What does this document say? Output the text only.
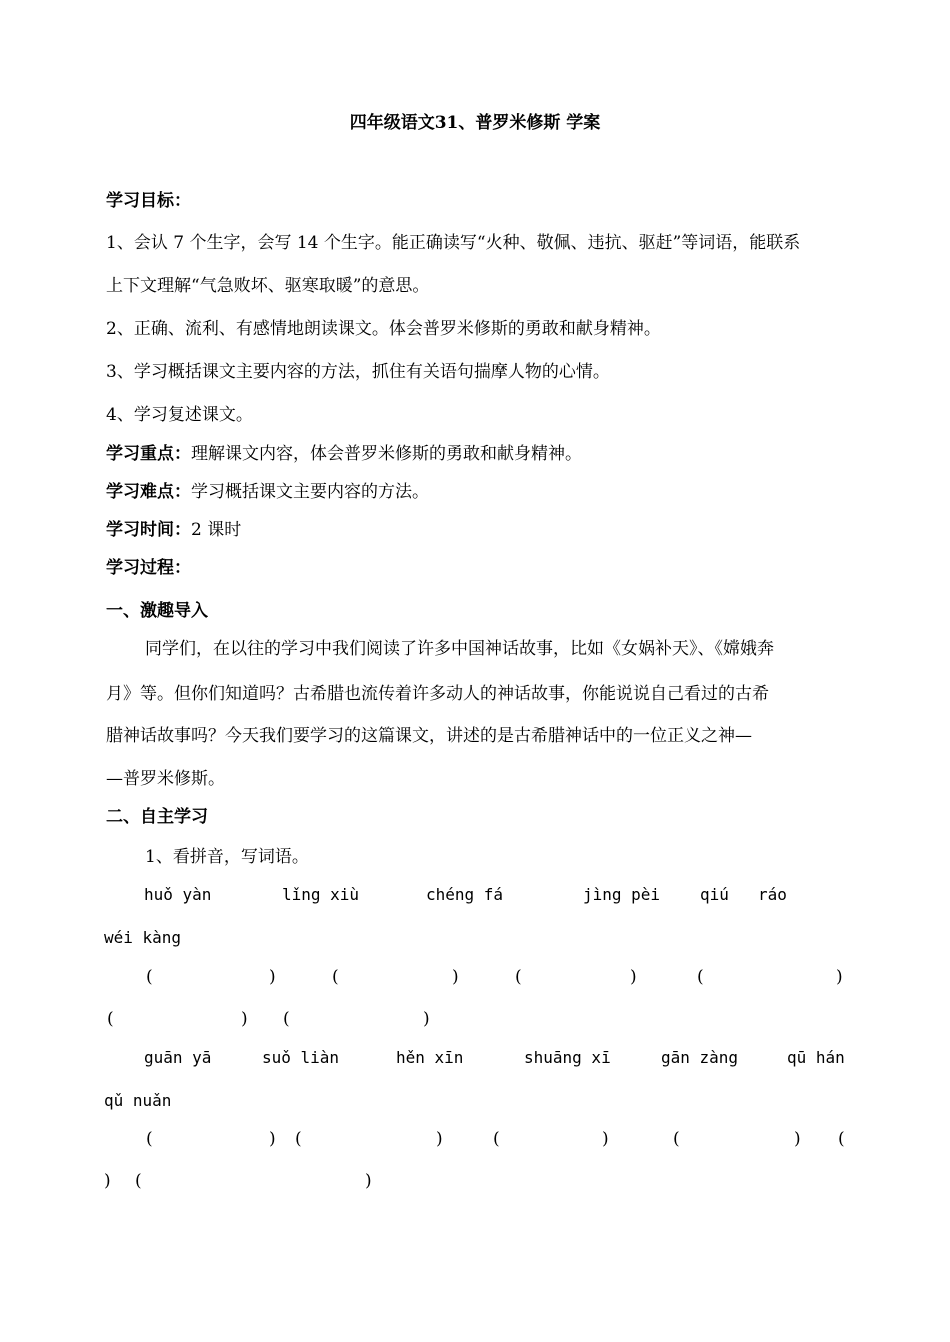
四年级语文31、普罗米修斯 学案
学习目标：
1、会认 7 个生字，会写 14 个生字。能正确读写“火种、敬佩、违抗、驱赶”等词语，能联系
上下文理解“气急败坏、驱寒取暖”的意思。
2、正确、流利、有感情地朗读课文。体会普罗米修斯的勇敢和献身精神。
3、学习概括课文主要内容的方法，抓住有关语句揣摩人物的心情。
4、学习复述课文。
学习重点：理解课文内容，体会普罗米修斯的勇敢和献身精神。
学习难点：学习概括课文主要内容的方法。
学习时间：2 课时
学习过程：
一、激趣导入
同学们，在以往的学习中我们阅读了许多中国神话故事，比如《女娲补天》、《嫦娥奔
月》等。但你们知道吗？古希腊也流传着许多动人的神话故事，你能说说自己看过的古希
腊神话故事吗？今天我们要学习的这篇课文，讲述的是古希腊神话中的一位正义之神—
—普罗米修斯。
二、自主学习
1、看拼音，写词语。
huǒ yàn	lǐng xiù	chéng fá	jìng pèi qiú ráo
wéi kàng
(	)	(	)	(	)	(	)
(	) (	)
guān yā	suǒ liàn	hěn xīn	shuāng xī	gān zàng	qū hán
qǔ nuǎn
(	) (	)	(	)	(	) (
) (	)
